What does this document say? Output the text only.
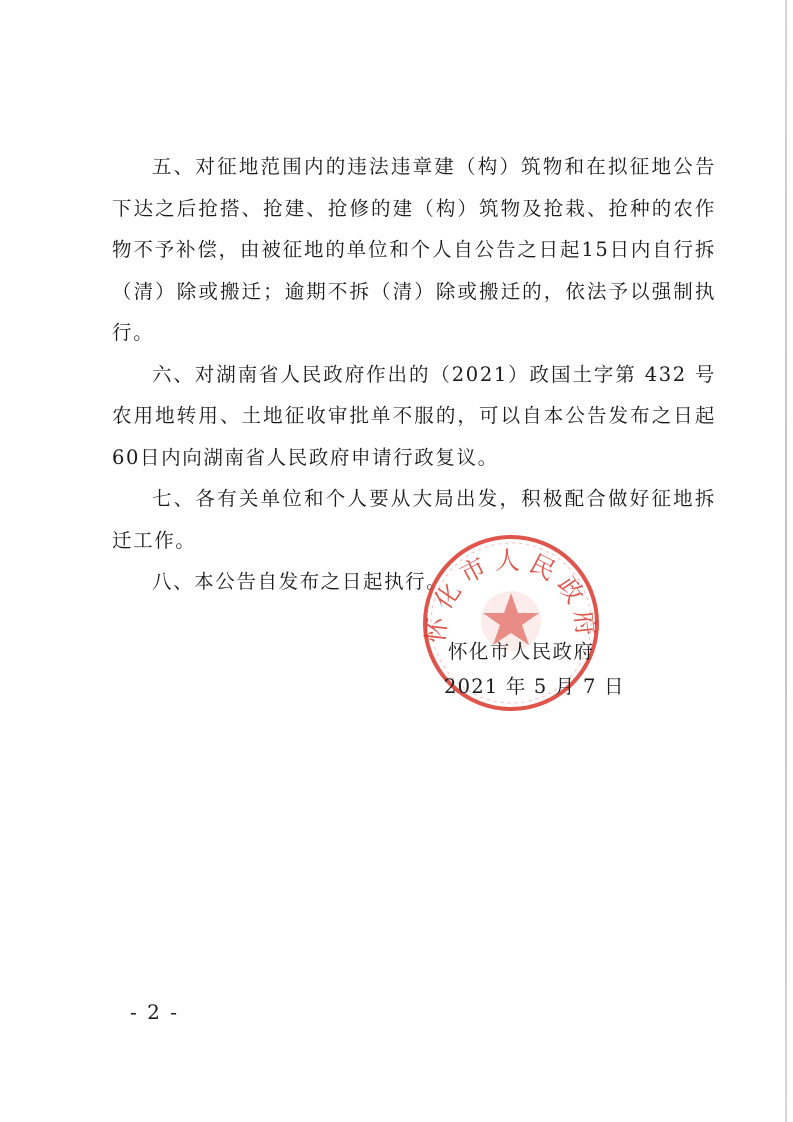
五、对征地范围内的违法违章建（构）筑物和在拟征地公告下达之后抢搭、抢建、抢修的建（构）筑物及抢栽、抢种的农作物不予补偿，由被征地的单位和个人自公告之日起15日内自行拆（清）除或搬迁；逾期不拆（清）除或搬迁的，依法予以强制执行。

六、对湖南省人民政府作出的（2021）政国土字第 432 号农用地转用、土地征收审批单不服的，可以自本公告发布之日起60日内向湖南省人民政府申请行政复议。

七、各有关单位和个人要从大局出发，积极配合做好征地拆迁工作。

八、本公告自发布之日起执行。

怀化市人民政府
怀化市人民政府
2021 年 5 月 7 日
- 2 -
